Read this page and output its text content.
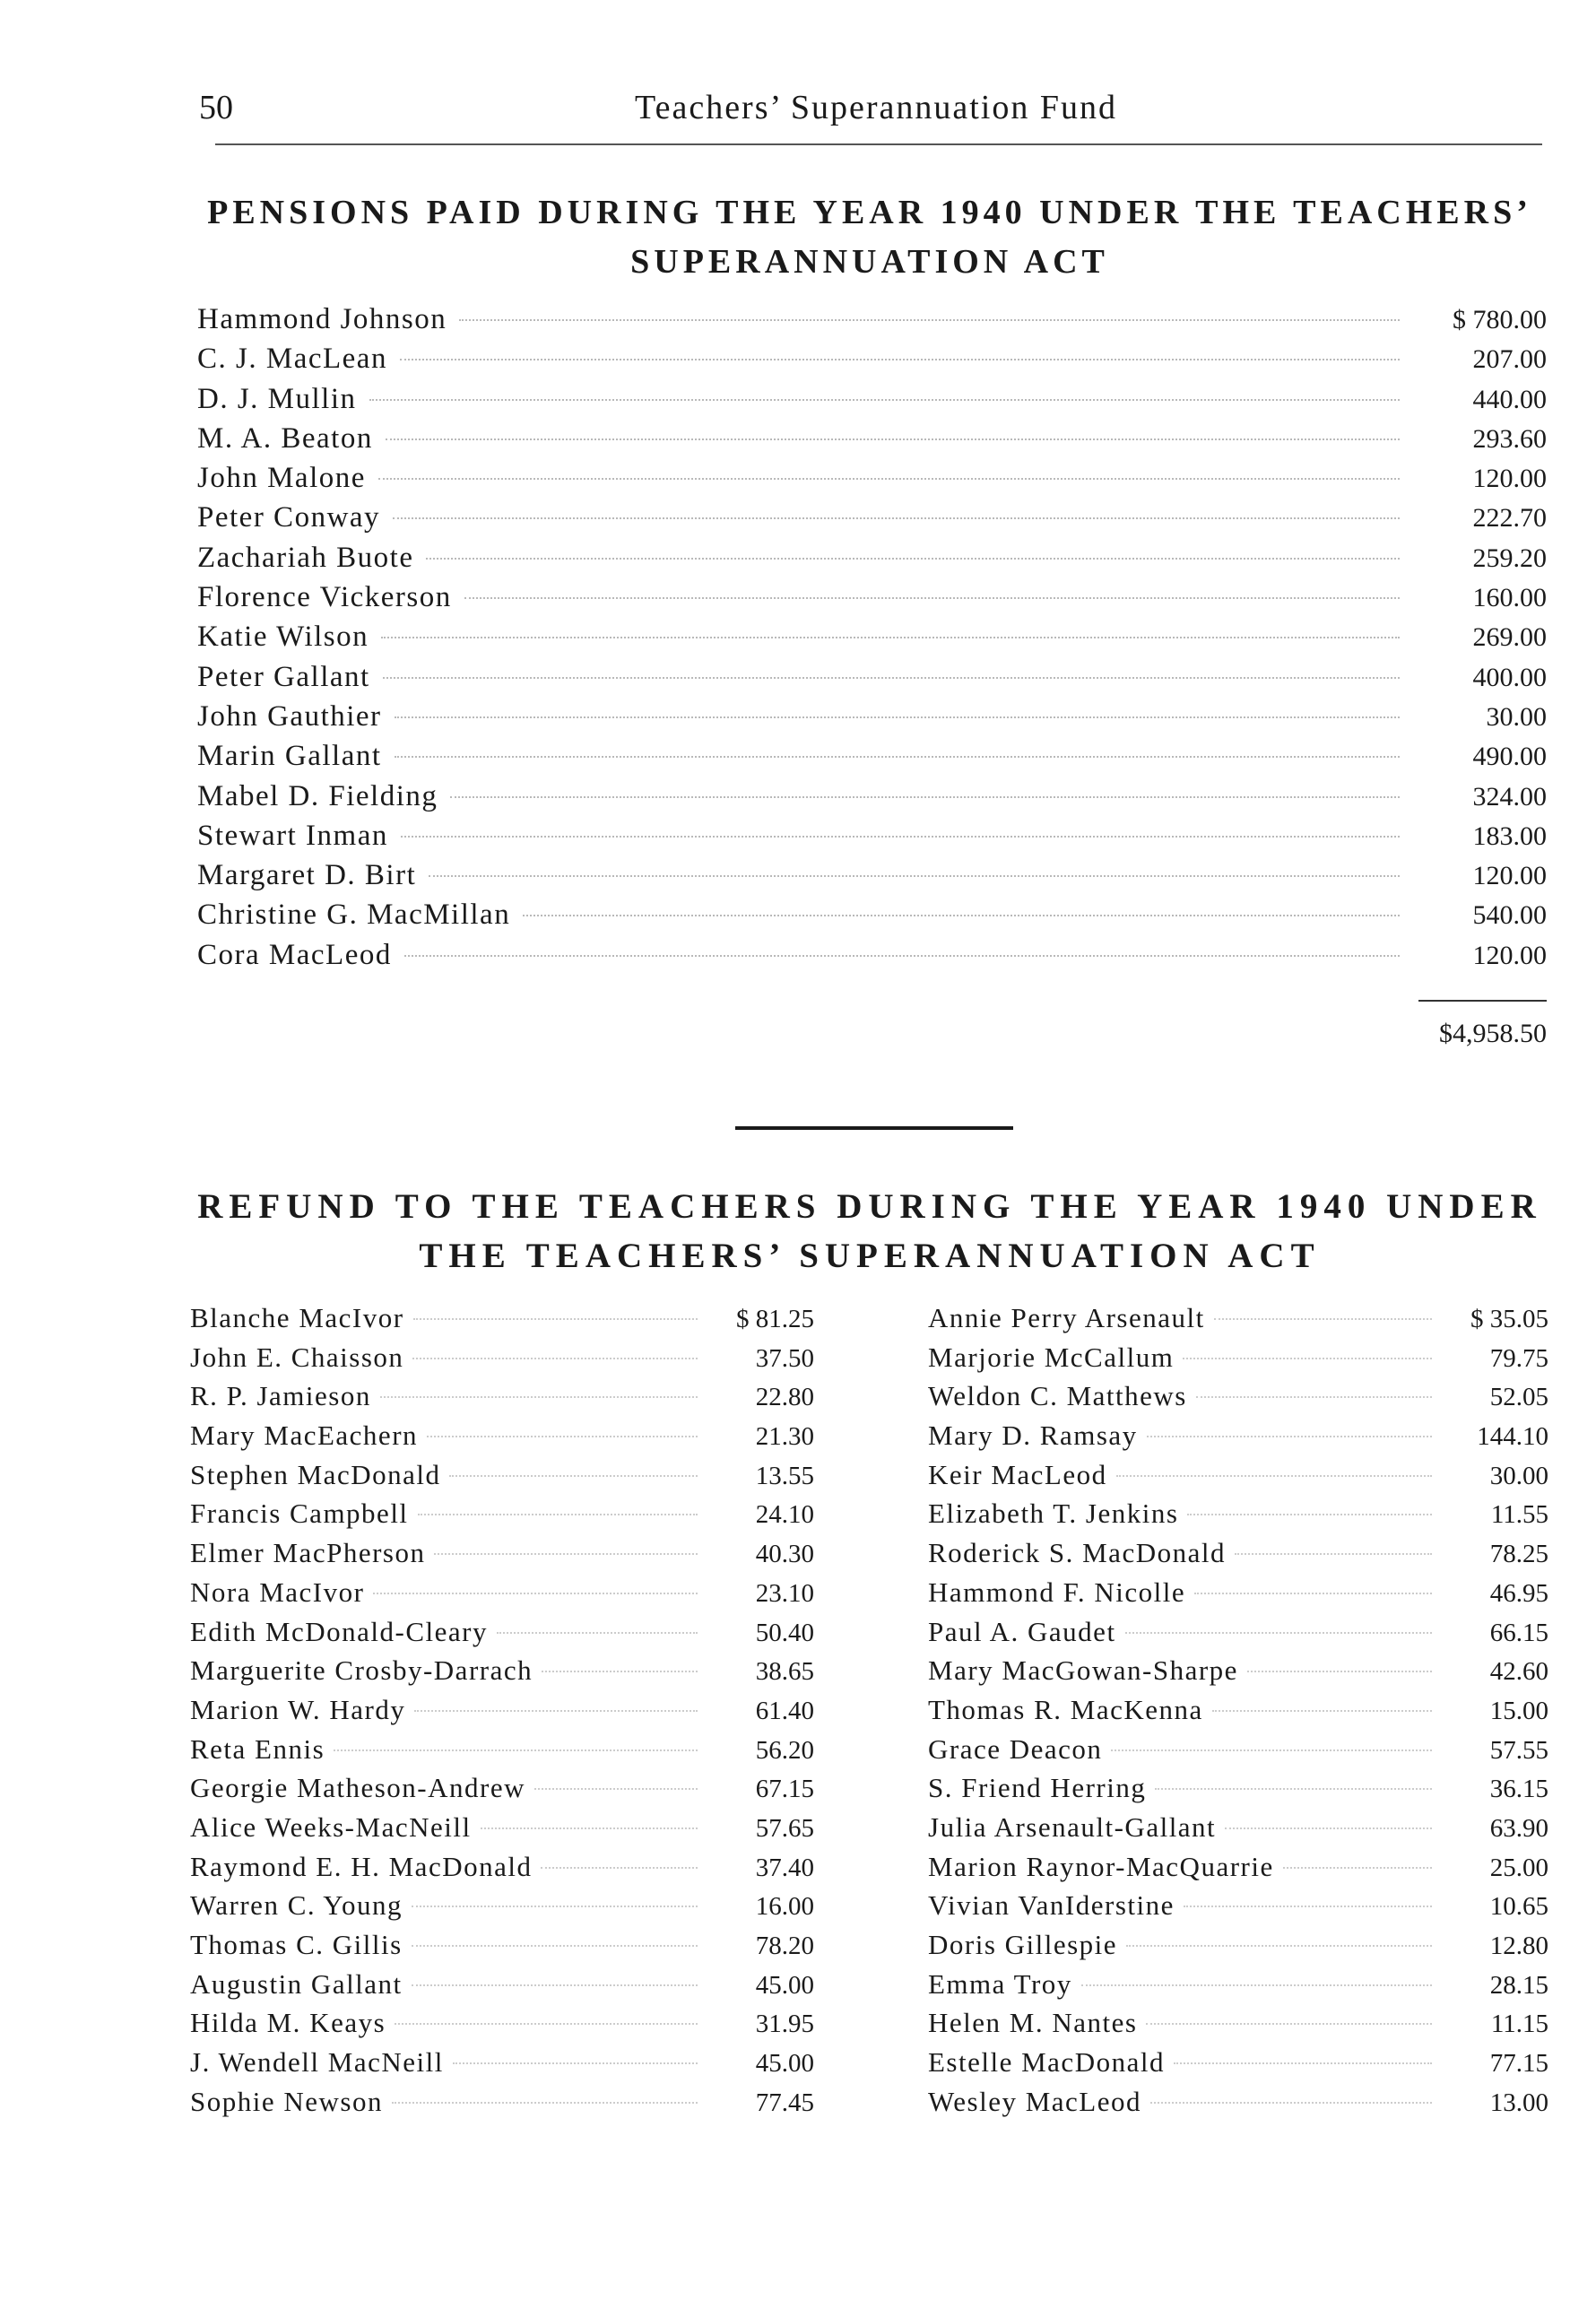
50	Teachers’ Superannuation Fund
PENSIONS PAID DURING THE YEAR 1940 UNDER THE TEACHERS’
SUPERANNUATION ACT
Hammond Johnson	$ 780.00
C. J. MacLean	207.00
D. J. Mullin	440.00
M. A. Beaton	293.60
John Malone	120.00
Peter Conway	222.70
Zachariah Buote	259.20
Florence Vickerson	160.00
Katie Wilson	269.00
Peter Gallant	400.00
John Gauthier	30.00
Marin Gallant	490.00
Mabel D. Fielding	324.00
Stewart Inman	183.00
Margaret D. Birt	120.00
Christine G. MacMillan	540.00
Cora MacLeod	120.00
$4,958.50
REFUND TO THE TEACHERS DURING THE YEAR 1940 UNDER
THE TEACHERS’ SUPERANNUATION ACT
Blanche MacIvor	$ 81.25
John E. Chaisson	37.50
R. P. Jamieson	22.80
Mary MacEachern	21.30
Stephen MacDonald	13.55
Francis Campbell	24.10
Elmer MacPherson	40.30
Nora MacIvor	23.10
Edith McDonald-Cleary	50.40
Marguerite Crosby-Darrach	38.65
Marion W. Hardy	61.40
Reta Ennis	56.20
Georgie Matheson-Andrew	67.15
Alice Weeks-MacNeill	57.65
Raymond E. H. MacDonald	37.40
Warren C. Young	16.00
Thomas C. Gillis	78.20
Augustin Gallant	45.00
Hilda M. Keays	31.95
J. Wendell MacNeill	45.00
Sophie Newson	77.45
Annie Perry Arsenault	$ 35.05
Marjorie McCallum	79.75
Weldon C. Matthews	52.05
Mary D. Ramsay	144.10
Keir MacLeod	30.00
Elizabeth T. Jenkins	11.55
Roderick S. MacDonald	78.25
Hammond F. Nicolle	46.95
Paul A. Gaudet	66.15
Mary MacGowan-Sharpe	42.60
Thomas R. MacKenna	15.00
Grace Deacon	57.55
S. Friend Herring	36.15
Julia Arsenault-Gallant	63.90
Marion Raynor-MacQuarrie	25.00
Vivian VanIderstine	10.65
Doris Gillespie	12.80
Emma Troy	28.15
Helen M. Nantes	11.15
Estelle MacDonald	77.15
Wesley MacLeod	13.00
